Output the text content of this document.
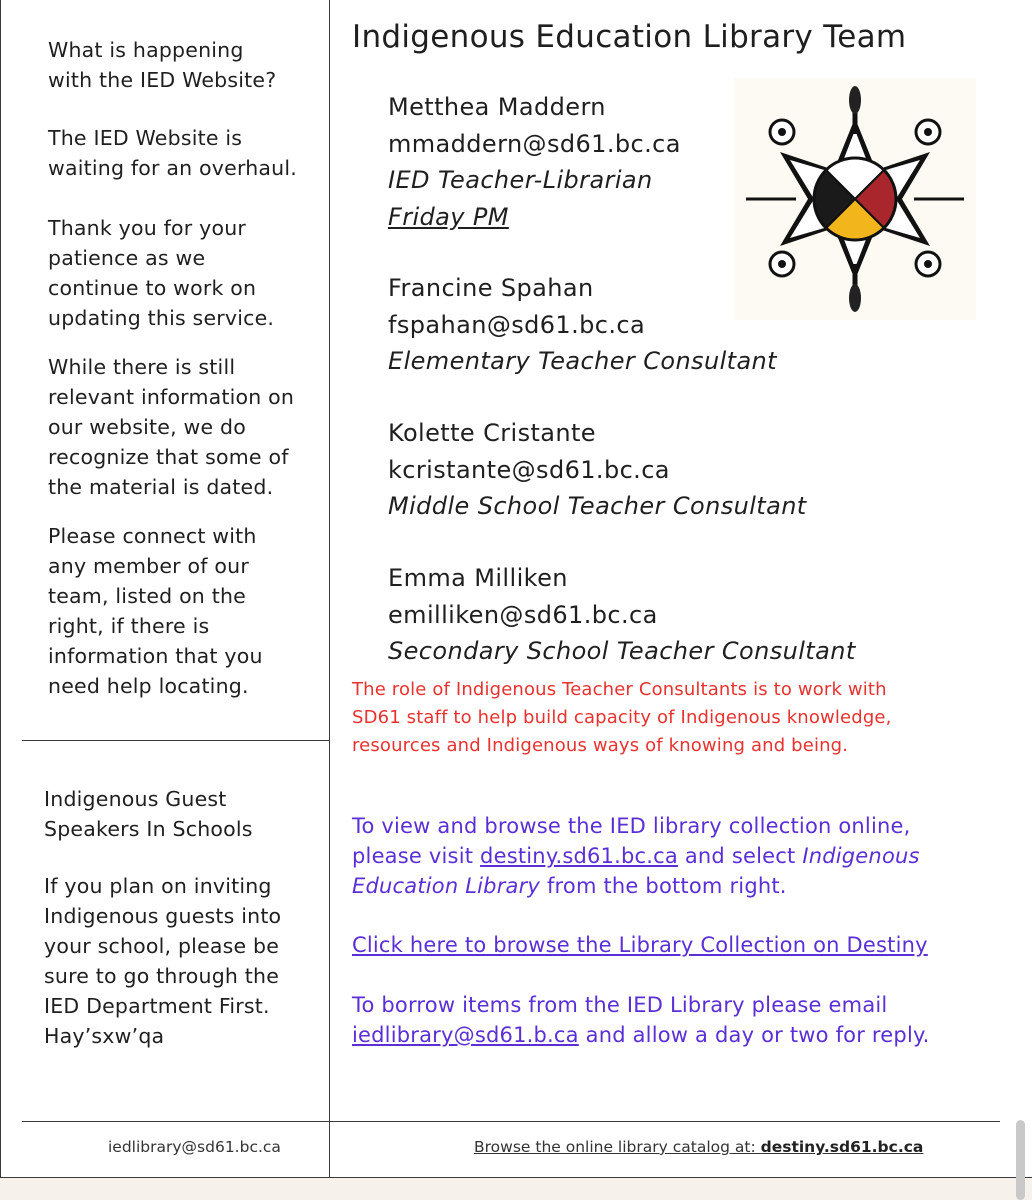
What is happening

with the IED Website?

The IED Website is

waiting for an overhaul.

Thank you for your

patience as we

continue to work on

updating this service.

While there is still

relevant information on

our website, we do

recognize that some of

the material is dated.

Please connect with

any member of our

team, listed on the

right, if there is

information that you

need help locating.

Indigenous Guest

Speakers In Schools

If you plan on inviting

Indigenous guests into

your school, please be

sure to go through the

IED Department First.

Hay’sxw’qa

Indigenous Education Library Team
Metthea Maddern
mmaddern@sd61.bc.ca
IED Teacher-Librarian
Friday PM
Francine Spahan
fspahan@sd61.bc.ca
Elementary Teacher Consultant
Kolette Cristante
kcristante@sd61.bc.ca
Middle School Teacher Consultant
Emma Milliken
emilliken@sd61.bc.ca
Secondary School Teacher Consultant
The role of Indigenous Teacher Consultants is to work with
SD61 staff to help build capacity of Indigenous knowledge,
resources and Indigenous ways of knowing and being.
To view and browse the IED library collection online,
please visit destiny.sd61.bc.ca and select Indigenous
Education Library from the bottom right.
Click here to browse the Library Collection on Destiny
To borrow items from the IED Library please email
iedlibrary@sd61.b.ca and allow a day or two for reply.
iedlibrary@sd61.bc.ca	Browse the online library catalog at: destiny.sd61.bc.ca
